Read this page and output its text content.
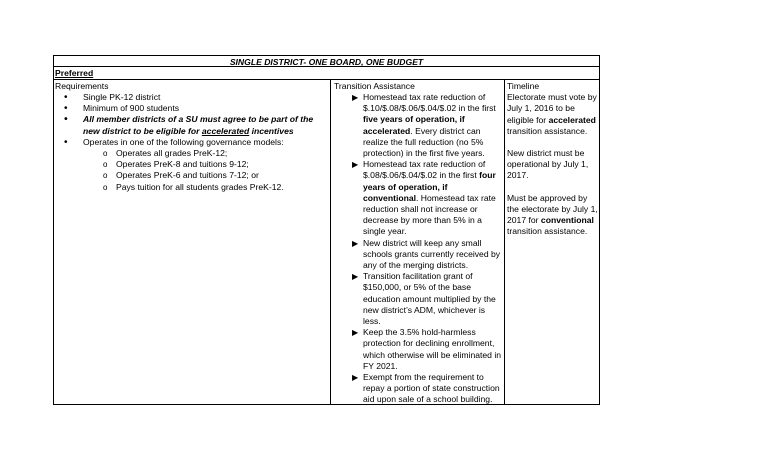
SINGLE DISTRICT- ONE BOARD, ONE BUDGET
Preferred
Requirements	Transition Assistance
• Single PK-12 district
• Minimum of 900 students
• All member districts of a SU must agree to be part of the new district to be eligible for accelerated incentives
• Operates in one of the following governance models:
o Operates all grades PreK-12;
o Operates PreK-8 and tuitions 9-12;
o Operates PreK-6 and tuitions 7-12; or
o Pays tuition for all students grades PreK-12.
▶ Homestead tax rate reduction of $.10/$.08/$.06/$.04/$.02 in the first five years of operation, if accelerated. Every district can realize the full reduction (no 5% protection) in the first five years.
▶ Homestead tax rate reduction of $.08/$.06/$.04/$.02 in the first four years of operation, if conventional. Homestead tax rate reduction shall not increase or decrease by more than 5% in a single year.
▶ New district will keep any small schools grants currently received by any of the merging districts.
▶ Transition facilitation grant of $150,000, or 5% of the base education amount multiplied by the new district’s ADM, whichever is less.
▶ Keep the 3.5% hold-harmless protection for declining enrollment, which otherwise will be eliminated in FY 2021.
▶ Exempt from the requirement to repay a portion of state construction aid upon sale of a school building.

Timeline

Electorate must vote by July 1, 2016 to be eligible for accelerated transition assistance.

New district must be operational by July 1, 2017.

Must be approved by the electorate by July 1, 2017 for conventional transition assistance.
